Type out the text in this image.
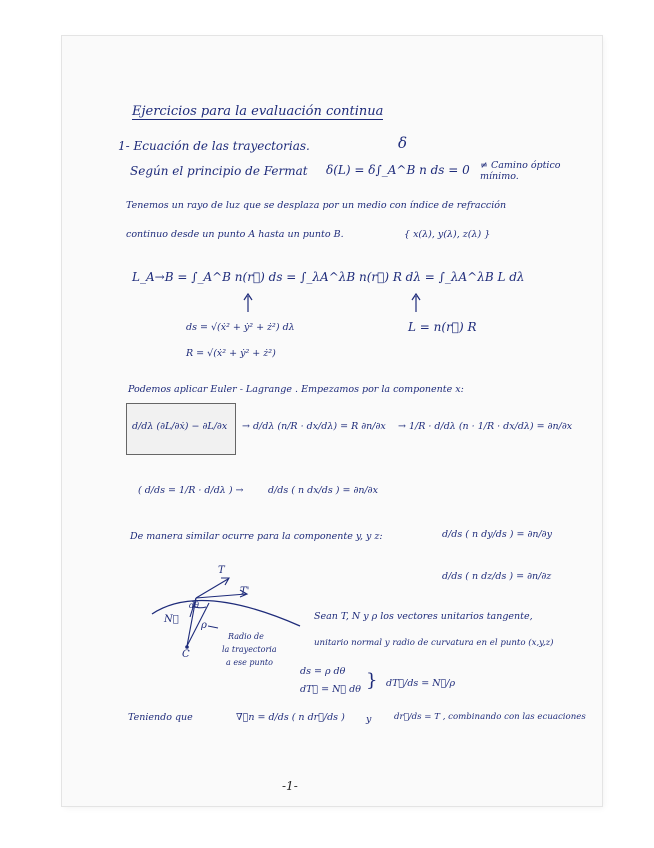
Ejercicios para la evaluación continua
1- Ecuación de las trayectorias.	δ
Según el principio de Fermat δ(L) = δ∫_A^B n ds = 0 ≠ Camino óptico mínimo.
Tenemos un rayo de luz que se desplaza por un medio con índice de refracción
continuo desde un punto A hasta un punto B.	{ x(λ), y(λ), z(λ) }
L_A→B = ∫_A^B n(r⃗) ds = ∫_λA^λB n(r⃗) R dλ = ∫_λA^λB L dλ
ds = √(ẋ² + ẏ² + ż²) dλ
R = √(ẋ² + ẏ² + ż²)
L = n(r⃗) R
Podemos aplicar Euler - Lagrange . Empezamos por la componente x:
d/dλ (∂L/∂ẋ) − ∂L/∂x → d/dλ (n/R · dx/dλ) = R ∂n/∂x → 1/R · d/dλ (n · 1/R · dx/dλ) = ∂n/∂x
( d/ds = 1/R · d/dλ ) →	d/ds ( n dx/ds ) = ∂n/∂x
De manera similar ocurre para la componente y, y z:	d/ds ( n dy/ds ) = ∂n/∂y
d/ds ( n dz/ds ) = ∂n/∂z
T
T'
dθ
N⃗
ρ
C
Radio de
la trayectoria
a ese punto
Sean T, N y ρ los vectores unitarios tangente,
unitario normal y radio de curvatura en el punto (x,y,z)
ds = ρ dθ
dT⃗ = N⃗ dθ } dT⃗/ds = N⃗/ρ
Teniendo que	∇⃗n = d/ds ( n dr⃗/ds ) y	dr⃗/ds = T , combinando con las ecuaciones
-1-
